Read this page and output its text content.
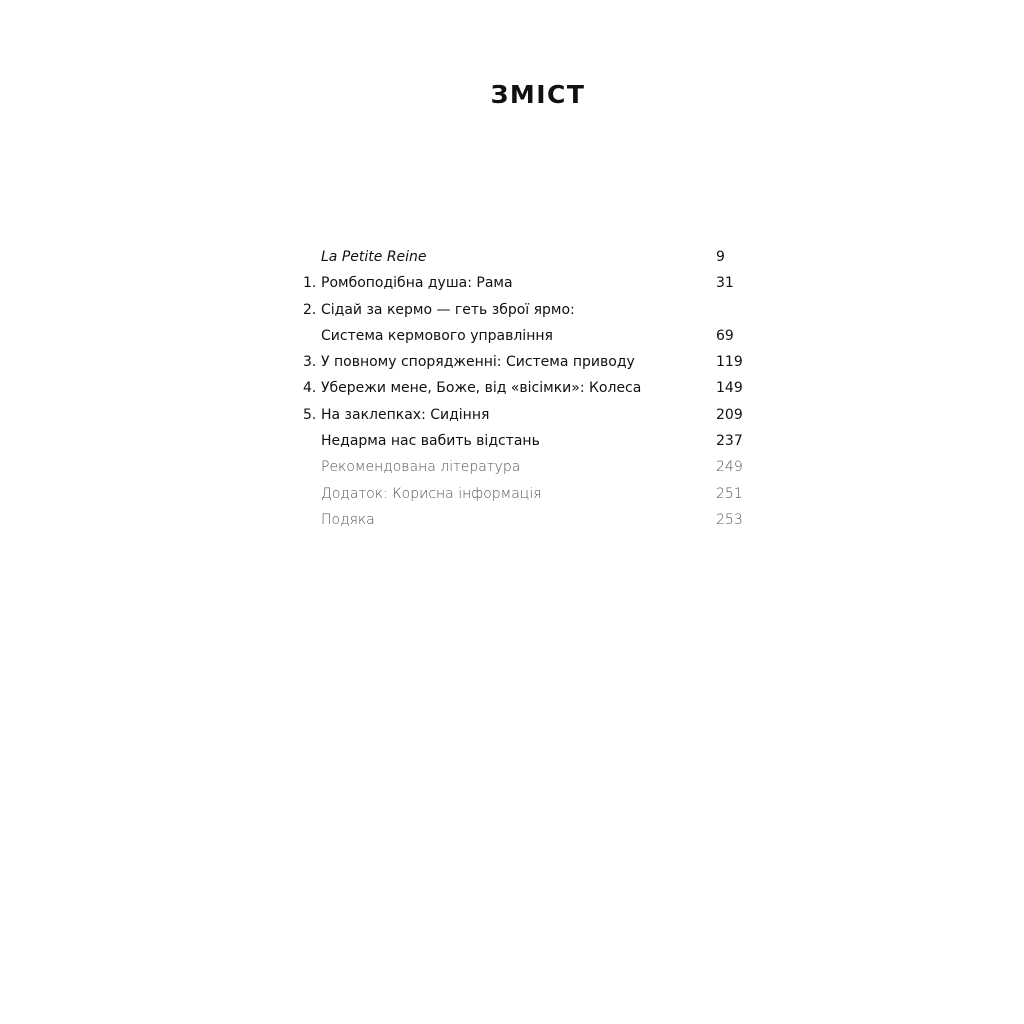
ЗМІСТ
La Petite Reine	9
1. Ромбоподібна душа: Рама	31
2. Сідай за кермо — геть зброї ярмо:
Система кермового управління	69
3. У повному спорядженні: Система приводу	119
4. Убережи мене, Боже, від «вісімки»: Колеса	149
5. На заклепках: Сидіння	209
Недарма нас вабить відстань	237
Рекомендована література	249
Додаток: Корисна інформація	251
Подяка	253
